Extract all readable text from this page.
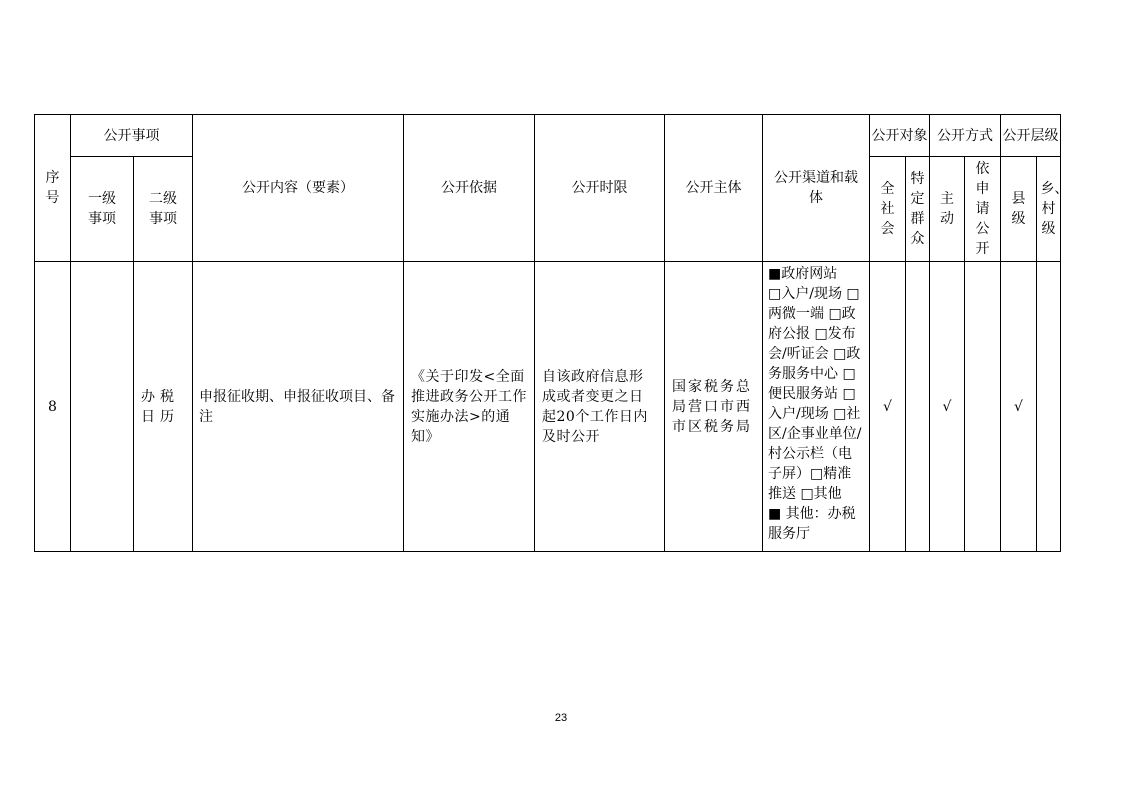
序号	公开事项		公开内容（要素）	公开依据	公开时限	公开主体	公开渠道和载体	公开对象		公开方式		公开层级	

	一级事项	二级事项						全社会	特定群众	主动	依申请公开	县级	乡、村级

8		办税日历	申报征收期、申报征收项目、备注	《关于印发<全面推进政务公开工作实施办法>的通知》	自该政府信息形成或者变更之日起20个工作日内及时公开	国家税务总局营口市西市区税务局	■政府网站
□入户/现场 □两微一端 □政府公报 □发布会/听证会 □政务服务中心 □便民服务站 □入户/现场 □社区/企事业单位/村公示栏（电子屏）□精准推送 □其他
■ 其他：办税服务厅	√		√		√	
23
